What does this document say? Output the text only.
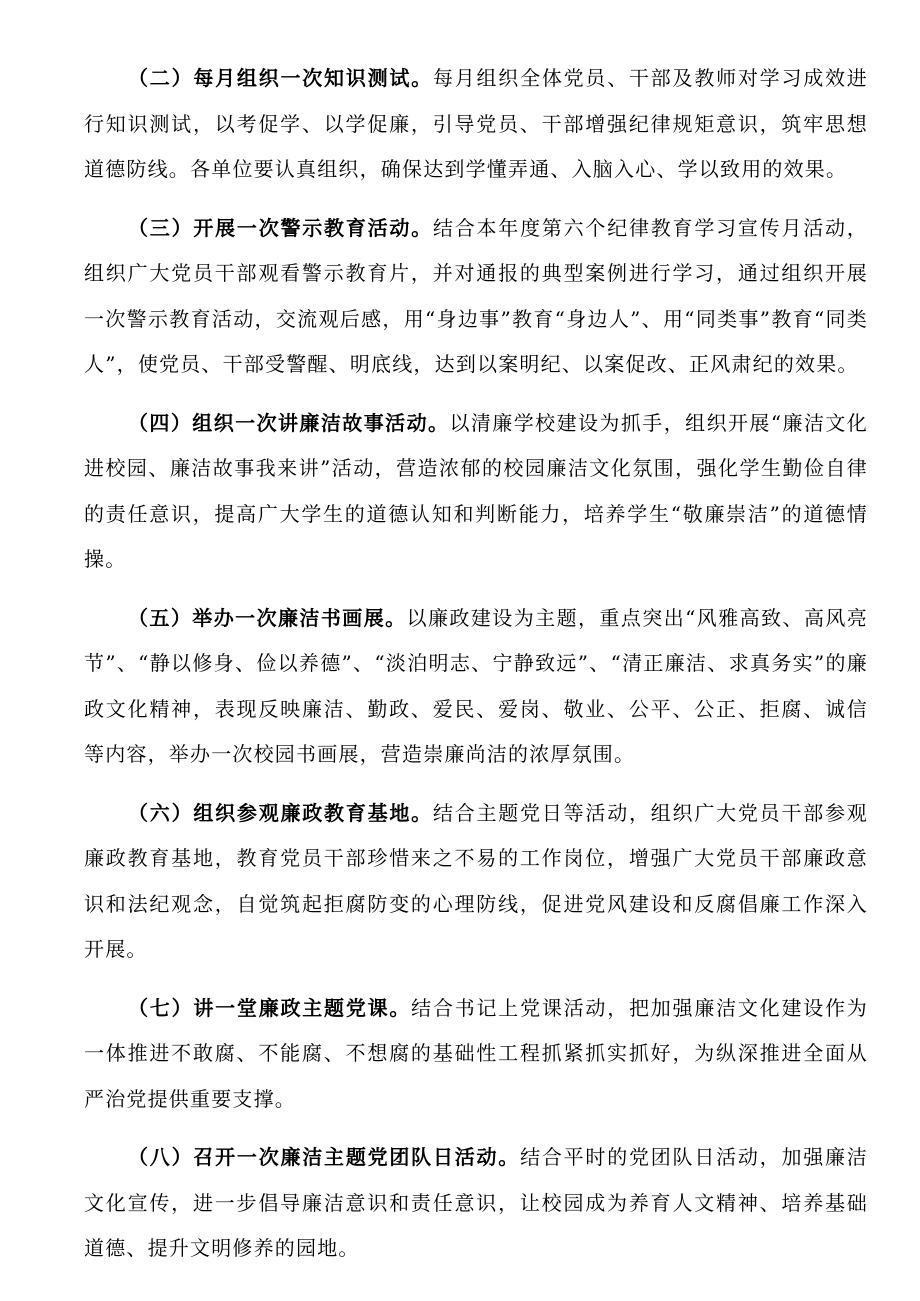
（二）每月组织一次知识测试。每月组织全体党员、干部及教师对学习成效进行知识测试，以考促学、以学促廉，引导党员、干部增强纪律规矩意识，筑牢思想道德防线。各单位要认真组织，确保达到学懂弄通、入脑入心、学以致用的效果。

（三）开展一次警示教育活动。结合本年度第六个纪律教育学习宣传月活动，组织广大党员干部观看警示教育片，并对通报的典型案例进行学习，通过组织开展一次警示教育活动，交流观后感，用“身边事”教育“身边人”、用“同类事”教育“同类人”，使党员、干部受警醒、明底线，达到以案明纪、以案促改、正风肃纪的效果。

（四）组织一次讲廉洁故事活动。以清廉学校建设为抓手，组织开展“廉洁文化进校园、廉洁故事我来讲”活动，营造浓郁的校园廉洁文化氛围，强化学生勤俭自律的责任意识，提高广大学生的道德认知和判断能力，培养学生“敬廉崇洁”的道德情操。

（五）举办一次廉洁书画展。以廉政建设为主题，重点突出“风雅高致、高风亮节”、“静以修身、俭以养德”、“淡泊明志、宁静致远”、“清正廉洁、求真务实”的廉政文化精神，表现反映廉洁、勤政、爱民、爱岗、敬业、公平、公正、拒腐、诚信等内容，举办一次校园书画展，营造崇廉尚洁的浓厚氛围。

（六）组织参观廉政教育基地。结合主题党日等活动，组织广大党员干部参观廉政教育基地，教育党员干部珍惜来之不易的工作岗位，增强广大党员干部廉政意识和法纪观念，自觉筑起拒腐防变的心理防线，促进党风建设和反腐倡廉工作深入开展。

（七）讲一堂廉政主题党课。结合书记上党课活动，把加强廉洁文化建设作为一体推进不敢腐、不能腐、不想腐的基础性工程抓紧抓实抓好，为纵深推进全面从严治党提供重要支撑。

（八）召开一次廉洁主题党团队日活动。结合平时的党团队日活动，加强廉洁文化宣传，进一步倡导廉洁意识和责任意识，让校园成为养育人文精神、培养基础道德、提升文明修养的园地。
